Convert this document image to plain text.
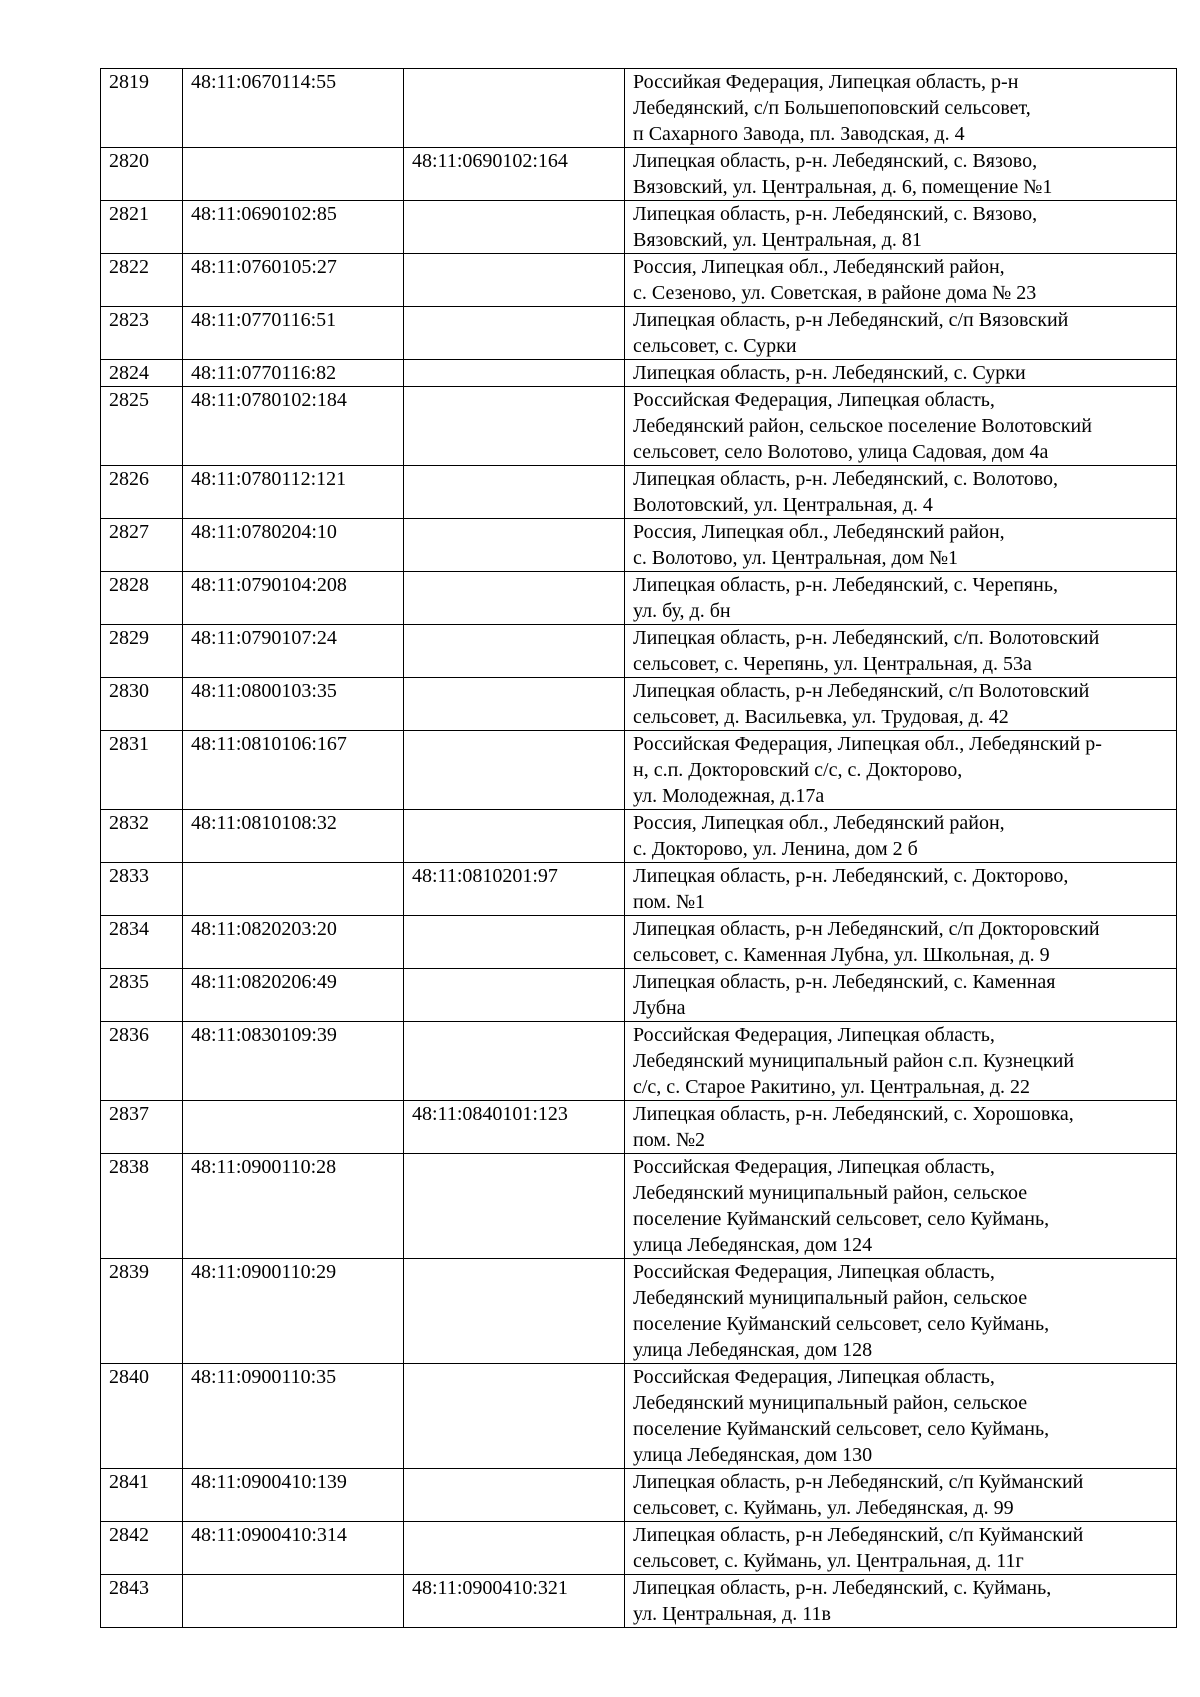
2819	48:11:0670114:55		Российкая Федерация, Липецкая область, р-н
Лебедянский, с/п Большепоповский сельсовет,
п Сахарного Завода, пл. Заводская, д. 4
2820		48:11:0690102:164	Липецкая область, р-н. Лебедянский, с. Вязово,
Вязовский, ул. Центральная, д. 6, помещение №1
2821	48:11:0690102:85		Липецкая область, р-н. Лебедянский, с. Вязово,
Вязовский, ул. Центральная, д. 81
2822	48:11:0760105:27		Россия, Липецкая обл., Лебедянский район,
с. Сезеново, ул. Советская, в районе дома № 23
2823	48:11:0770116:51		Липецкая область, р-н Лебедянский, с/п Вязовский
сельсовет, с. Сурки
2824	48:11:0770116:82		Липецкая область, р-н. Лебедянский, с. Сурки
2825	48:11:0780102:184		Российская Федерация, Липецкая область,
Лебедянский район, сельское поселение Волотовский
сельсовет, село Волотово, улица Садовая, дом 4а
2826	48:11:0780112:121		Липецкая область, р-н. Лебедянский, с. Волотово,
Волотовский, ул. Центральная, д. 4
2827	48:11:0780204:10		Россия, Липецкая обл., Лебедянский район,
с. Волотово, ул. Центральная, дом №1
2828	48:11:0790104:208		Липецкая область, р-н. Лебедянский, с. Черепянь,
ул. бу, д. бн
2829	48:11:0790107:24		Липецкая область, р-н. Лебедянский, с/п. Волотовский
сельсовет, с. Черепянь, ул. Центральная, д. 53а
2830	48:11:0800103:35		Липецкая область, р-н Лебедянский, с/п Волотовский
сельсовет, д. Васильевка, ул. Трудовая, д. 42
2831	48:11:0810106:167		Российская Федерация, Липецкая обл., Лебедянский р-
н, с.п. Докторовский с/с, с. Докторово,
ул. Молодежная, д.17а
2832	48:11:0810108:32		Россия, Липецкая обл., Лебедянский район,
с. Докторово, ул. Ленина, дом 2 б
2833		48:11:0810201:97	Липецкая область, р-н. Лебедянский, с. Докторово,
пом. №1
2834	48:11:0820203:20		Липецкая область, р-н Лебедянский, с/п Докторовский
сельсовет, с. Каменная Лубна, ул. Школьная, д. 9
2835	48:11:0820206:49		Липецкая область, р-н. Лебедянский, с. Каменная
Лубна
2836	48:11:0830109:39		Российская Федерация, Липецкая область,
Лебедянский муниципальный район с.п. Кузнецкий
с/с, с. Старое Ракитино, ул. Центральная, д. 22
2837		48:11:0840101:123	Липецкая область, р-н. Лебедянский, с. Хорошовка,
пом. №2
2838	48:11:0900110:28		Российская Федерация, Липецкая область,
Лебедянский муниципальный район, сельское
поселение Куйманский сельсовет, село Куймань,
улица Лебедянская, дом 124
2839	48:11:0900110:29		Российская Федерация, Липецкая область,
Лебедянский муниципальный район, сельское
поселение Куйманский сельсовет, село Куймань,
улица Лебедянская, дом 128
2840	48:11:0900110:35		Российская Федерация, Липецкая область,
Лебедянский муниципальный район, сельское
поселение Куйманский сельсовет, село Куймань,
улица Лебедянская, дом 130
2841	48:11:0900410:139		Липецкая область, р-н Лебедянский, с/п Куйманский
сельсовет, с. Куймань, ул. Лебедянская, д. 99
2842	48:11:0900410:314		Липецкая область, р-н Лебедянский, с/п Куйманский
сельсовет, с. Куймань, ул. Центральная, д. 11г
2843		48:11:0900410:321	Липецкая область, р-н. Лебедянский, с. Куймань,
ул. Центральная, д. 11в
